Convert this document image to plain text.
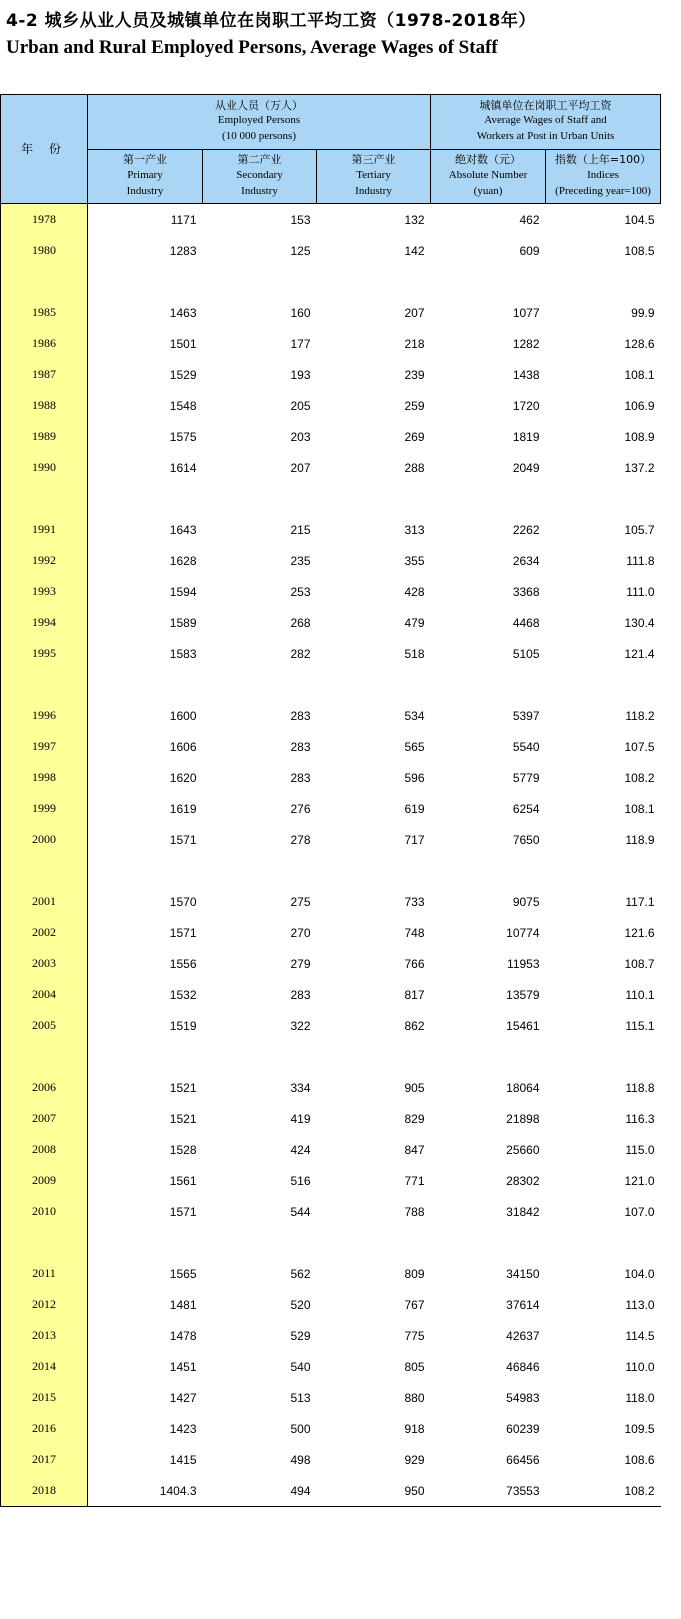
4-2 城乡从业人员及城镇单位在岗职工平均工资（1978-2018年）
Urban and Rural Employed Persons, Average Wages of Staff
年 份	从业人员（万人）
Employed Persons
(10 000 persons)			城镇单位在岗职工平均工资
Average Wages of Staff and
Workers at Post in Urban Units	

	第一产业
Primary
Industry	第二产业
Secondary
Industry	第三产业
Tertiary
Industry	绝对数（元）
Absolute Number
(yuan)	指数（上年=100）
Indices
(Preceding year=100)

1978	1171	153	132	462	104.5
1980	1283	125	142	609	108.5

1985	1463	160	207	1077	99.9
1986	1501	177	218	1282	128.6
1987	1529	193	239	1438	108.1
1988	1548	205	259	1720	106.9
1989	1575	203	269	1819	108.9
1990	1614	207	288	2049	137.2

1991	1643	215	313	2262	105.7
1992	1628	235	355	2634	111.8
1993	1594	253	428	3368	111.0
1994	1589	268	479	4468	130.4
1995	1583	282	518	5105	121.4

1996	1600	283	534	5397	118.2
1997	1606	283	565	5540	107.5
1998	1620	283	596	5779	108.2
1999	1619	276	619	6254	108.1
2000	1571	278	717	7650	118.9

2001	1570	275	733	9075	117.1
2002	1571	270	748	10774	121.6
2003	1556	279	766	11953	108.7
2004	1532	283	817	13579	110.1
2005	1519	322	862	15461	115.1

2006	1521	334	905	18064	118.8
2007	1521	419	829	21898	116.3
2008	1528	424	847	25660	115.0
2009	1561	516	771	28302	121.0
2010	1571	544	788	31842	107.0

2011	1565	562	809	34150	104.0
2012	1481	520	767	37614	113.0
2013	1478	529	775	42637	114.5
2014	1451	540	805	46846	110.0
2015	1427	513	880	54983	118.0
2016	1423	500	918	60239	109.5
2017	1415	498	929	66456	108.6
2018	1404.3	494	950	73553	108.2
